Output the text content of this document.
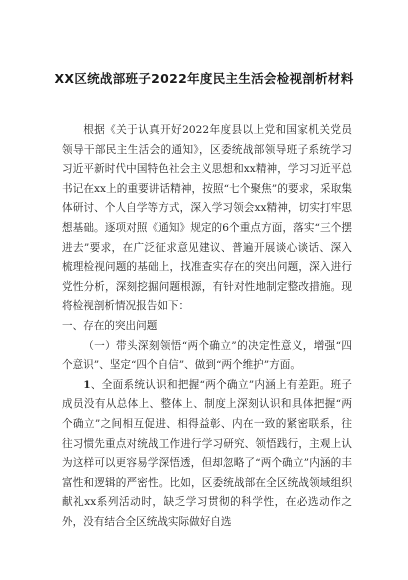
XX区统战部班子2022年度民主生活会检视剖析材料

根据《关于认真开好2022年度县以上党和国家机关党员领导干部民主生活会的通知》，区委统战部领导班子系统学习习近平新时代中国特色社会主义思想和xx精神，学习习近平总书记在xx上的重要讲话精神，按照“七个聚焦”的要求，采取集体研讨、个人自学等方式，深入学习领会xx精神，切实打牢思想基础。逐项对照《通知》规定的6个重点方面，落实“三个摆进去”要求，在广泛征求意见建议、普遍开展谈心谈话、深入梳理检视问题的基础上，找准查实存在的突出问题，深入进行党性分析，深刻挖掘问题根源，有针对性地制定整改措施。现将检视剖析情况报告如下：

一、存在的突出问题

（一）带头深刻领悟“两个确立”的决定性意义，增强“四个意识”、坚定“四个自信”、做到“两个维护”方面。

1、全面系统认识和把握“两个确立”内涵上有差距。班子成员没有从总体上、整体上、制度上深刻认识和具体把握“两个确立”之间相互促进、相得益彰、内在一致的紧密联系，往往习惯先重点对统战工作进行学习研究、领悟践行，主观上认为这样可以更容易学深悟透，但却忽略了“两个确立”内涵的丰富性和逻辑的严密性。比如，区委统战部在全区统战领域组织献礼xx系列活动时，缺乏学习贯彻的科学性，在必选动作之外，没有结合全区统战实际做好自选
